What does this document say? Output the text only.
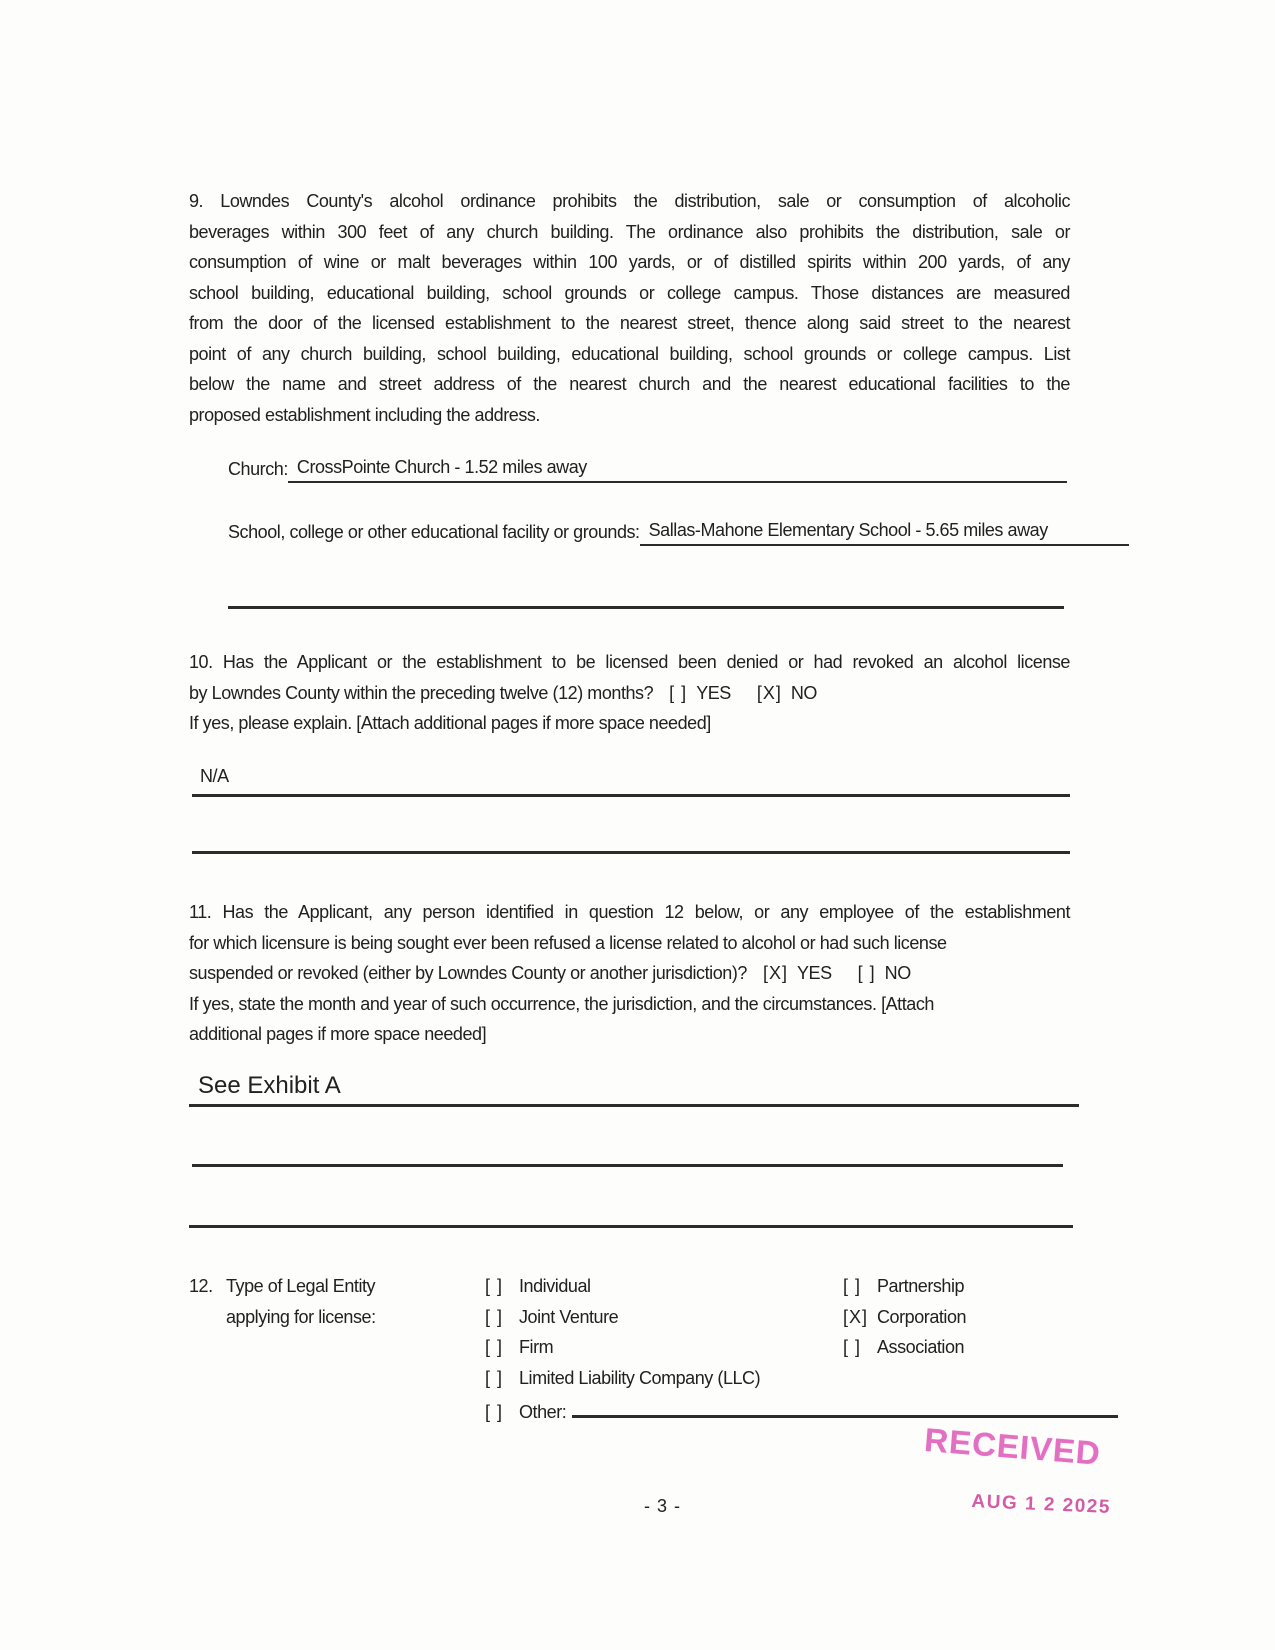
9. Lowndes County's alcohol ordinance prohibits the distribution, sale or consumption of alcoholic
beverages within 300 feet of any church building. The ordinance also prohibits the distribution, sale or
consumption of wine or malt beverages within 100 yards, or of distilled spirits within 200 yards, of any
school building, educational building, school grounds or college campus. Those distances are measured
from the door of the licensed establishment to the nearest street, thence along said street to the nearest
point of any church building, school building, educational building, school grounds or college campus. List
below the name and street address of the nearest church and the nearest educational facilities to the
proposed establishment including the address.
Church: CrossPointe Church - 1.52 miles away
School, college or other educational facility or grounds: Sallas-Mahone Elementary School - 5.65 miles away
10. Has the Applicant or the establishment to be licensed been denied or had revoked an alcohol license
by Lowndes County within the preceding twelve (12) months? [ ] YES [X] NO
If yes, please explain. [Attach additional pages if more space needed]
N/A
11. Has the Applicant, any person identified in question 12 below, or any employee of the establishment
for which licensure is being sought ever been refused a license related to alcohol or had such license
suspended or revoked (either by Lowndes County or another jurisdiction)? [X] YES [ ] NO
If yes, state the month and year of such occurrence, the jurisdiction, and the circumstances. [Attach
additional pages if more space needed]
See Exhibit A
12. Type of Legal Entity
applying for license:
[ ] Individual
[ ] Joint Venture
[ ] Firm
[ ] Limited Liability Company (LLC)
[ ] Other:
[ ] Partnership
[X] Corporation
[ ] Association
RECEIVED
AUG 1 2 2025
- 3 -
